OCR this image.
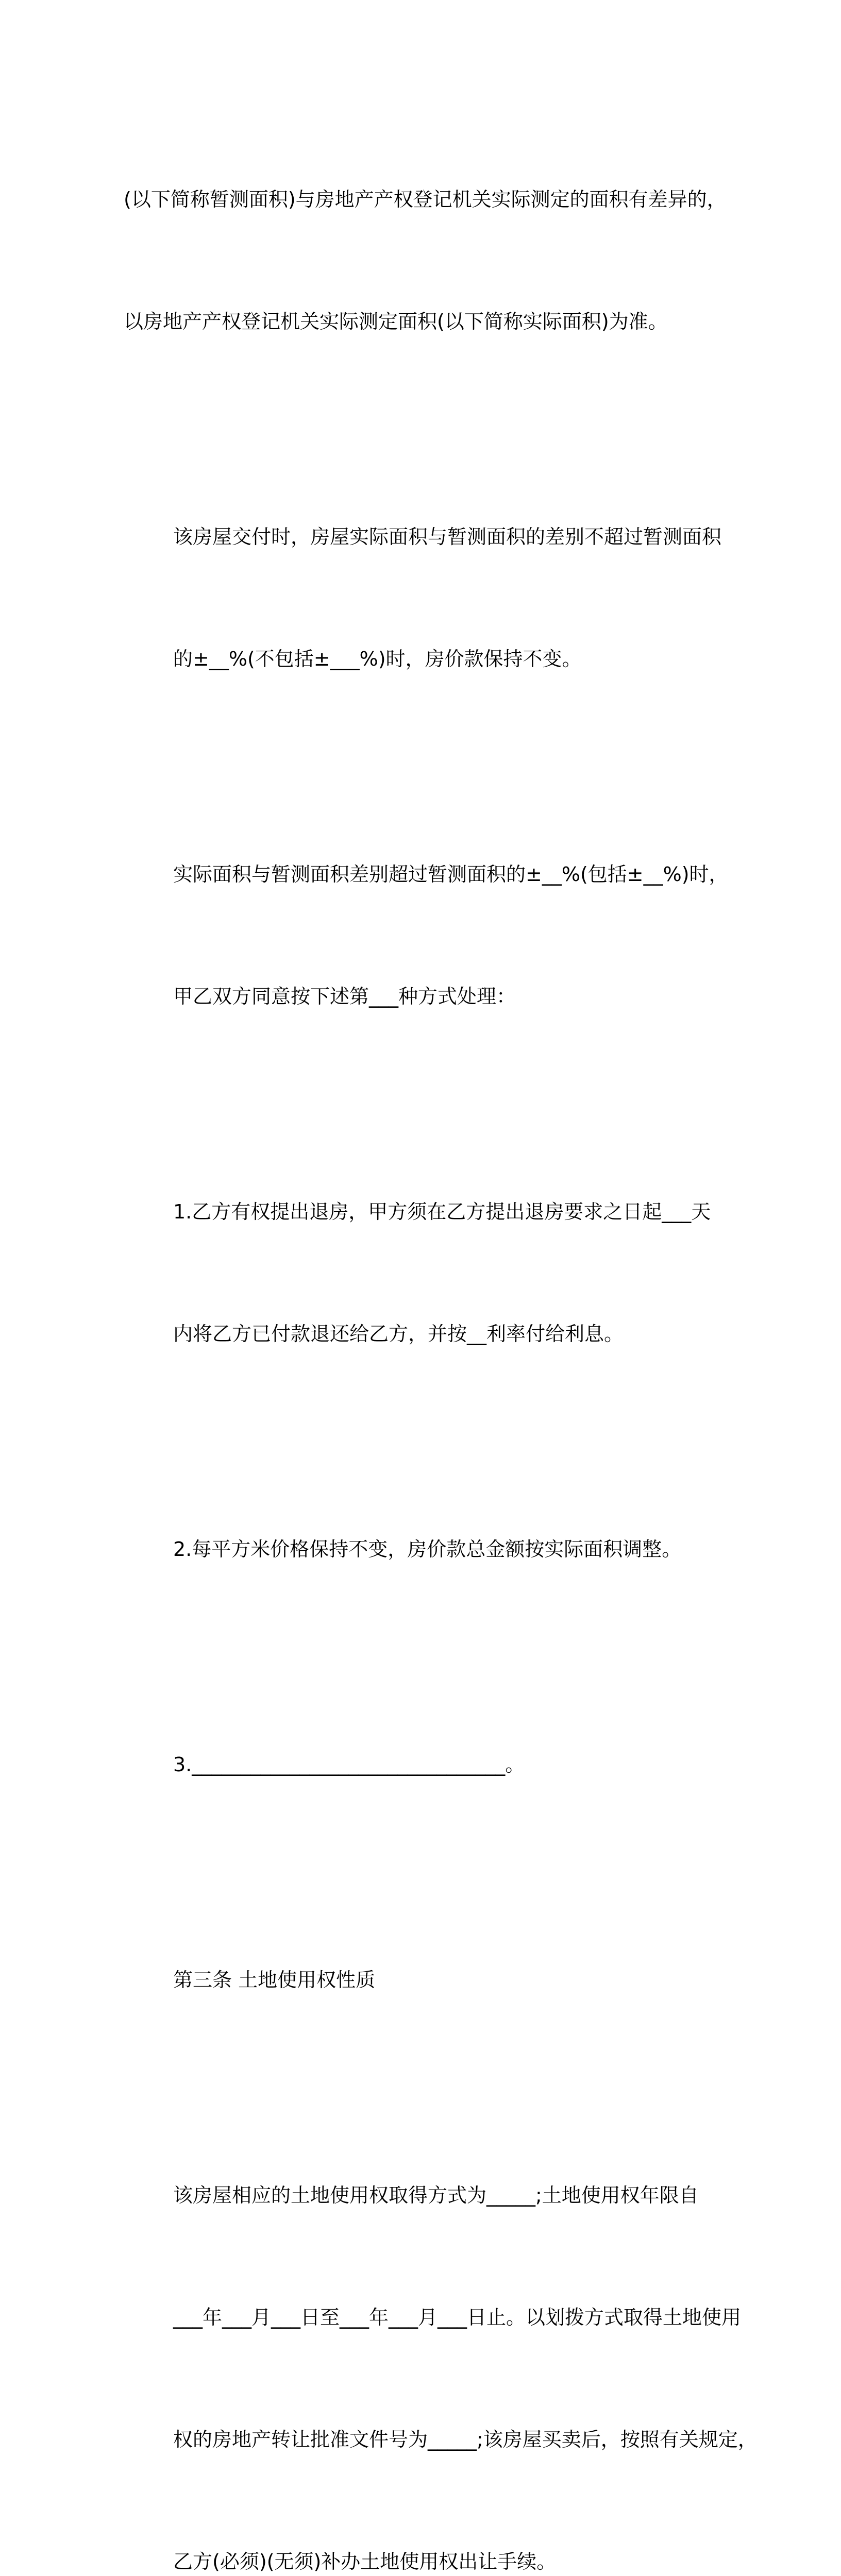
(以下简称暂测面积)与房地产产权登记机关实际测定的面积有差异的，

以房地产产权登记机关实际测定面积(以下简称实际面积)为准。

该房屋交付时，房屋实际面积与暂测面积的差别不超过暂测面积

的±__%(不包括±___%)时，房价款保持不变。

实际面积与暂测面积差别超过暂测面积的±__%(包括±__%)时，

甲乙双方同意按下述第___种方式处理：

1.乙方有权提出退房，甲方须在乙方提出退房要求之日起___天

内将乙方已付款退还给乙方，并按__利率付给利息。

2.每平方米价格保持不变，房价款总金额按实际面积调整。

3.________________________________。

第三条 土地使用权性质

该房屋相应的土地使用权取得方式为_____;土地使用权年限自

___年___月___日至___年___月___日止。以划拨方式取得土地使用

权的房地产转让批准文件号为_____;该房屋买卖后，按照有关规定，

乙方(必须)(无须)补办土地使用权出让手续。
